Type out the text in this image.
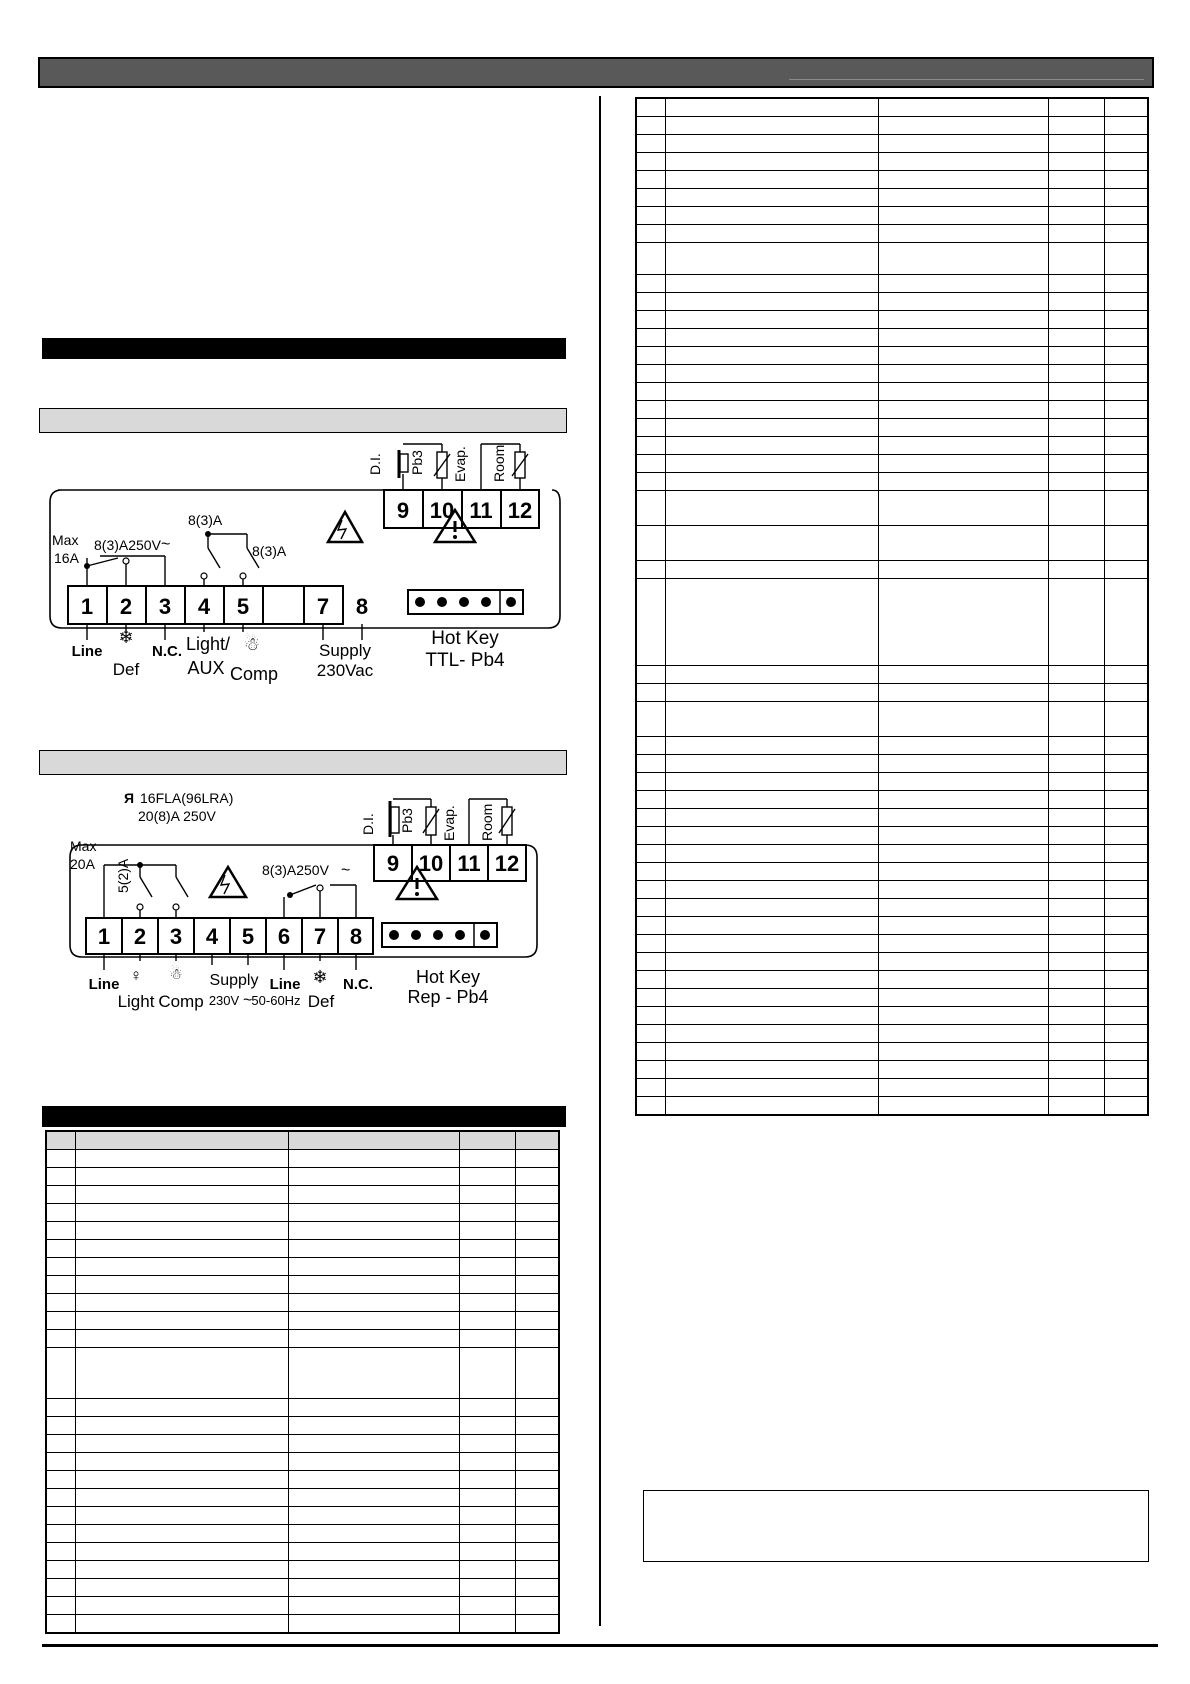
9 10 11 12
D.I. Pb3 Evap. Room
1 2 3 4 5	7 8
Max
16A
8(3)A250V ~
8(3)A
8(3)A
Line
❄
Def
N.C. Light/
AUX
☃
Comp
Supply
230Vac
Hot Key
TTL- Pb4
9 10 11 12
D.I. Pb3 Evap. Room
1 2 3 4 5 6 7 8
Я 16FLA(96LRA)
20(8)A 250V
Max
20A 5(2)A	8(3)A250V ~
Line ♀
Light
☃
Comp
Supply
230V ~ 50-60Hz
Line ❄
Def
N.C. Hot Key
Rep - Pb4
